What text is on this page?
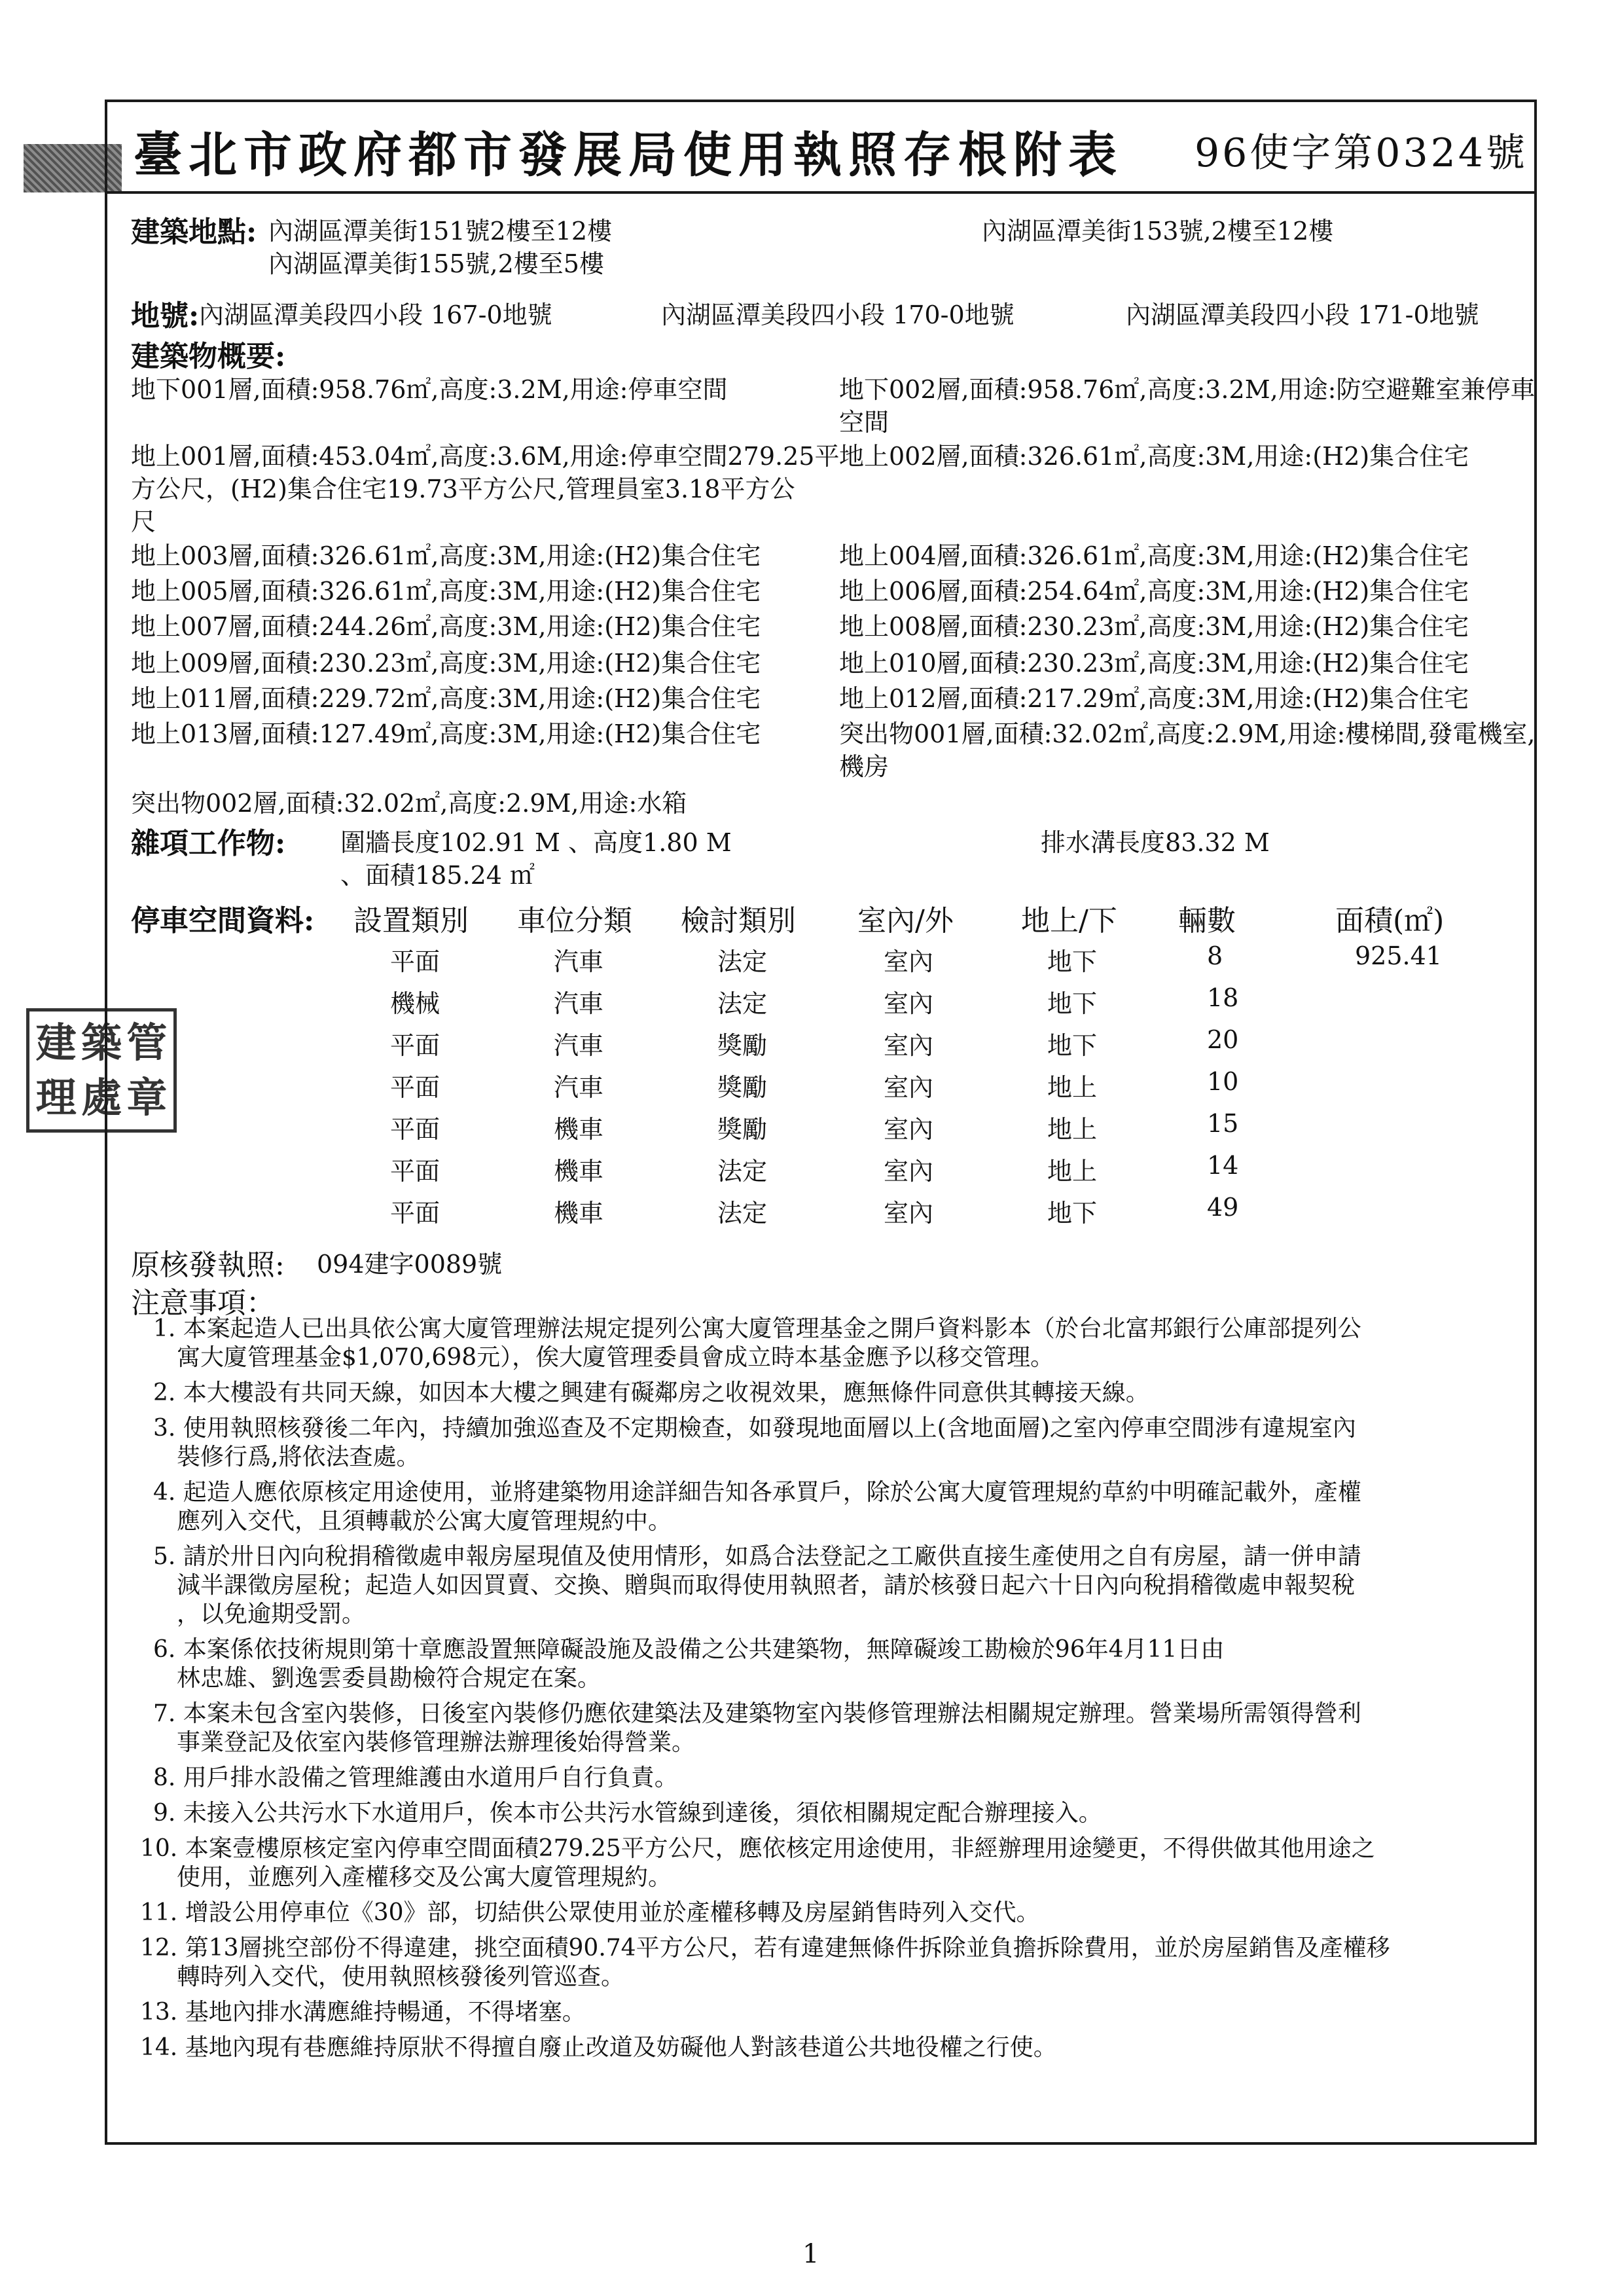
建 築 管
理 處 章
臺北市政府都市發展局使用執照存根附表 96使字第0324號
建築地點: 內湖區潭美街151號2樓至12樓	內湖區潭美街153號,2樓至12樓
內湖區潭美街155號,2樓至5樓
地號: 內湖區潭美段四小段 167-0地號	內湖區潭美段四小段 170-0地號	內湖區潭美段四小段 171-0地號
建築物概要:
地下001層,面積:958.76㎡,高度:3.2M,用途:停車空間	地下002層,面積:958.76㎡,高度:3.2M,用途:防空避難室兼停車
空間
地上001層,面積:453.04㎡,高度:3.6M,用途:停車空間279.25平
方公尺，(H2)集合住宅19.73平方公尺,管理員室3.18平方公
尺
地上002層,面積:326.61㎡,高度:3M,用途:(H2)集合住宅
地上003層,面積:326.61㎡,高度:3M,用途:(H2)集合住宅	地上004層,面積:326.61㎡,高度:3M,用途:(H2)集合住宅
地上005層,面積:326.61㎡,高度:3M,用途:(H2)集合住宅	地上006層,面積:254.64㎡,高度:3M,用途:(H2)集合住宅
地上007層,面積:244.26㎡,高度:3M,用途:(H2)集合住宅	地上008層,面積:230.23㎡,高度:3M,用途:(H2)集合住宅
地上009層,面積:230.23㎡,高度:3M,用途:(H2)集合住宅	地上010層,面積:230.23㎡,高度:3M,用途:(H2)集合住宅
地上011層,面積:229.72㎡,高度:3M,用途:(H2)集合住宅	地上012層,面積:217.29㎡,高度:3M,用途:(H2)集合住宅
地上013層,面積:127.49㎡,高度:3M,用途:(H2)集合住宅	突出物001層,面積:32.02㎡,高度:2.9M,用途:樓梯間,發電機室,
機房
突出物002層,面積:32.02㎡,高度:2.9M,用途:水箱
雜項工作物: 圍牆長度102.91 M 、高度1.80 M
、面積185.24 ㎡
排水溝長度83.32 M
停車空間資料: 設置類別 車位分類 檢討類別 室內/外 地上/下 輛數	面積(㎡)
平面	汽車	法定	室內	地下	8	925.41
機械	汽車	法定	室內	地下	18
平面	汽車	獎勵	室內	地下	20
平面	汽車	獎勵	室內	地上	10
平面	機車	獎勵	室內	地上	15
平面	機車	法定	室內	地上	14
平面	機車	法定	室內	地下	49
原核發執照: 094建字0089號
注意事項：
1. 本案起造人已出具依公寓大廈管理辦法規定提列公寓大廈管理基金之開戶資料影本（於台北富邦銀行公庫部提列公
寓大廈管理基金$1,070,698元），俟大廈管理委員會成立時本基金應予以移交管理。
2. 本大樓設有共同天線，如因本大樓之興建有礙鄰房之收視效果，應無條件同意供其轉接天線。
3. 使用執照核發後二年內，持續加強巡查及不定期檢查，如發現地面層以上(含地面層)之室內停車空間涉有違規室內
裝修行爲,將依法查處。
4. 起造人應依原核定用途使用，並將建築物用途詳細告知各承買戶，除於公寓大廈管理規約草約中明確記載外，產權
應列入交代，且須轉載於公寓大廈管理規約中。
5. 請於卅日內向稅捐稽徵處申報房屋現值及使用情形，如爲合法登記之工廠供直接生產使用之自有房屋，請一併申請
減半課徵房屋稅；起造人如因買賣、交換、贈與而取得使用執照者，請於核發日起六十日內向稅捐稽徵處申報契稅
，以免逾期受罰。
6. 本案係依技術規則第十章應設置無障礙設施及設備之公共建築物，無障礙竣工勘檢於96年4月11日由
林忠雄、劉逸雲委員勘檢符合規定在案。
7. 本案未包含室內裝修，日後室內裝修仍應依建築法及建築物室內裝修管理辦法相關規定辦理。營業場所需領得營利
事業登記及依室內裝修管理辦法辦理後始得營業。
8. 用戶排水設備之管理維護由水道用戶自行負責。
9. 未接入公共污水下水道用戶，俟本市公共污水管線到達後，須依相關規定配合辦理接入。
10. 本案壹樓原核定室內停車空間面積279.25平方公尺，應依核定用途使用，非經辦理用途變更，不得供做其他用途之
使用，並應列入產權移交及公寓大廈管理規約。
11. 增設公用停車位《30》部，切結供公眾使用並於產權移轉及房屋銷售時列入交代。
12. 第13層挑空部份不得違建，挑空面積90.74平方公尺，若有違建無條件拆除並負擔拆除費用，並於房屋銷售及產權移
轉時列入交代，使用執照核發後列管巡查。
13. 基地內排水溝應維持暢通，不得堵塞。
14. 基地內現有巷應維持原狀不得擅自廢止改道及妨礙他人對該巷道公共地役權之行使。
1
